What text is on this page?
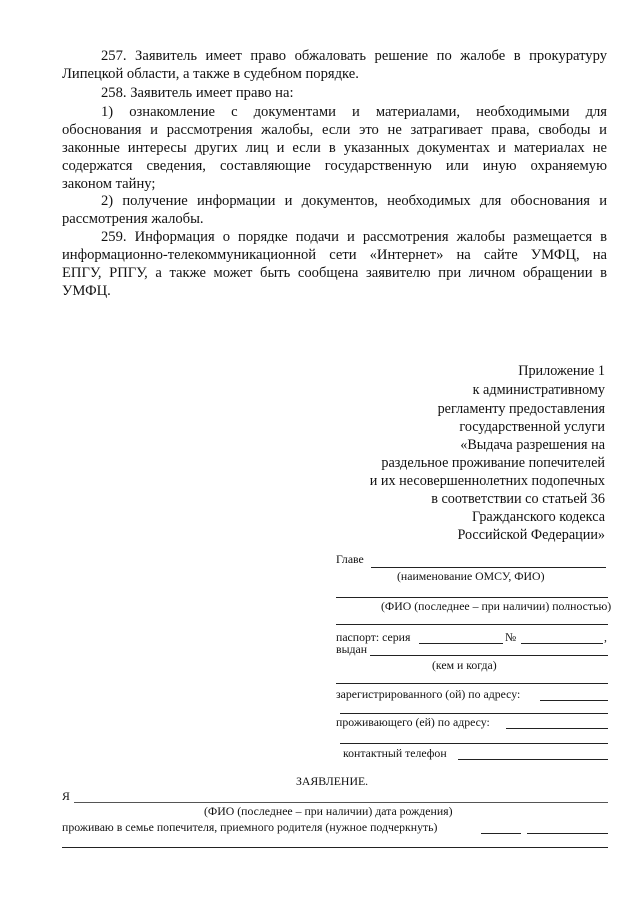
257. Заявитель имеет право обжаловать решение по жалобе в прокуратуру
Липецкой области, а также в судебном порядке.
258. Заявитель имеет право на:
1) ознакомление с документами и материалами, необходимыми для
обоснования и рассмотрения жалобы, если это не затрагивает права, свободы и
законные интересы других лиц и если в указанных документах и материалах не
содержатся сведения, составляющие государственную или иную охраняемую
законом тайну;
2) получение информации и документов, необходимых для обоснования и
рассмотрения жалобы.
259. Информация о порядке подачи и рассмотрения жалобы размещается в
информационно-телекоммуникационной сети «Интернет» на сайте УМФЦ, на
ЕПГУ, РПГУ, а также может быть сообщена заявителю при личном обращении в
УМФЦ.
Приложение 1
к административному
регламенту предоставления
государственной услуги
«Выдача разрешения на
раздельное проживание попечителей
и их несовершеннолетних подопечных
в соответствии со статьей 36
Гражданского кодекса
Российской Федерации»
Главе
(наименование ОМСУ, ФИО)
(ФИО (последнее – при наличии) полностью)
паспорт: серия	№	,
выдан
(кем и когда)
зарегистрированного (ой) по адресу:
проживающего (ей) по адресу:
контактный телефон
ЗАЯВЛЕНИЕ.
Я
(ФИО (последнее – при наличии) дата рождения)
проживаю в семье попечителя, приемного родителя (нужное подчеркнуть)
